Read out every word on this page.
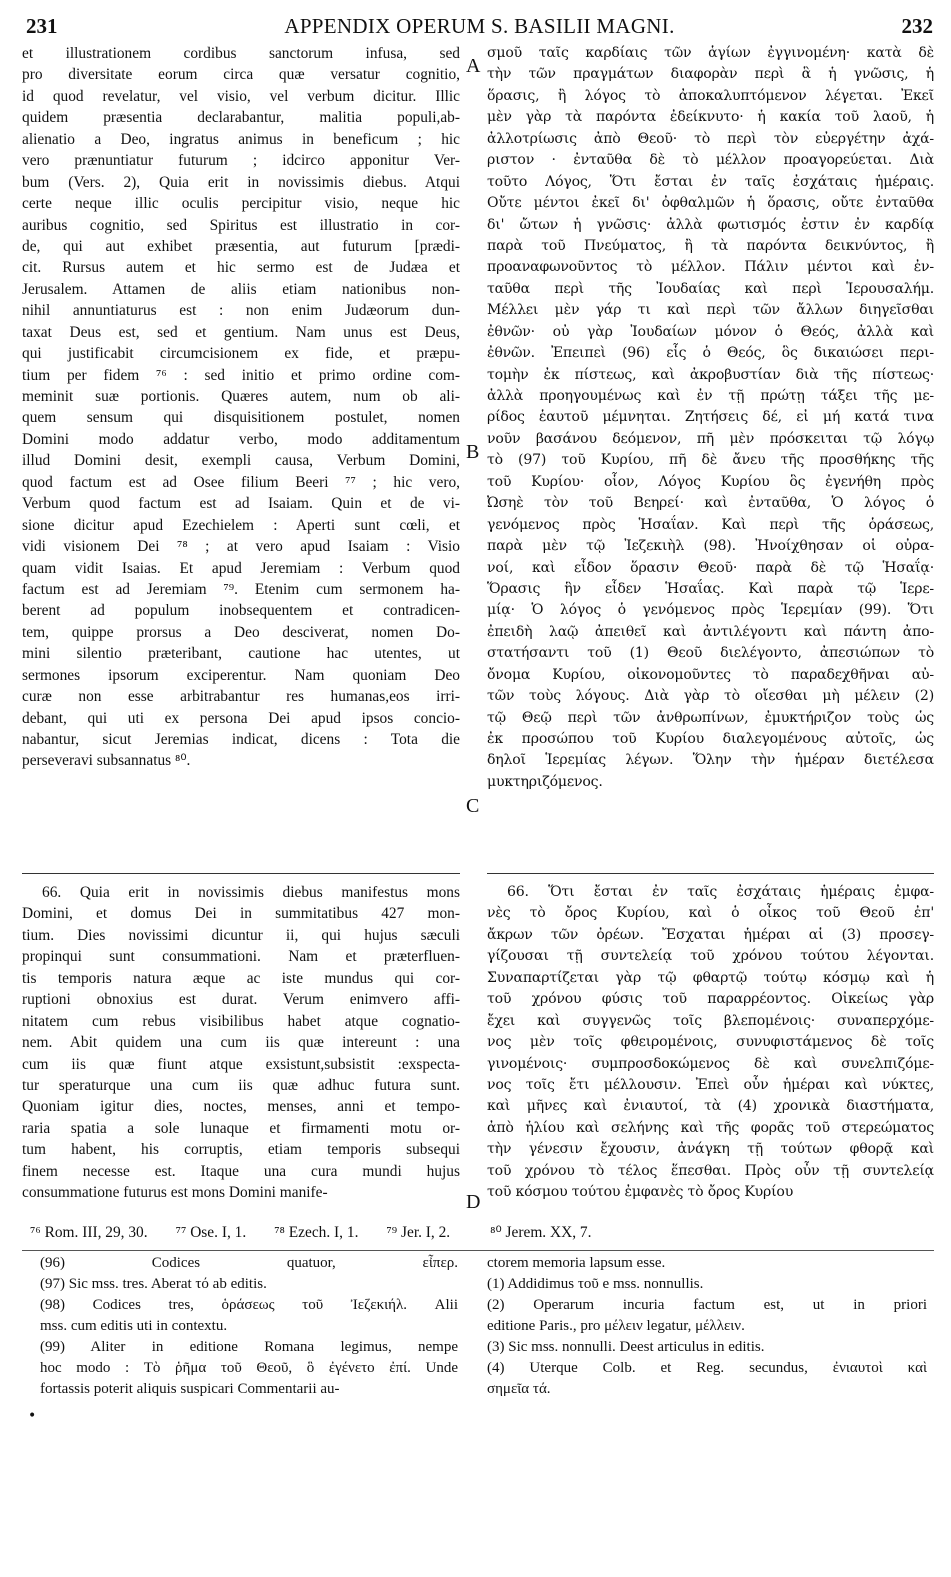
231	APPENDIX OPERUM S. BASILII MAGNI.	232
A
B
C
D
et illustrationem cordibus sanctorum infusa, sed
pro diversitate eorum circa quæ versatur cognitio,
id quod revelatur, vel visio, vel verbum dicitur. Illic
quidem præsentia declarabantur, malitia populi,ab-
alienatio a Deo, ingratus animus in beneficum ; hic
vero prænuntiatur futurum ; idcirco apponitur Ver-
bum (Vers. 2), Quia erit in novissimis diebus. Atqui
certe neque illic oculis percipitur visio, neque hic
auribus cognitio, sed Spiritus est illustratio in cor-
de, qui aut exhibet præsentia, aut futurum [prædi-
cit. Rursus autem et hic sermo est de Judæa et
Jerusalem. Attamen de aliis etiam nationibus non-
nihil annuntiaturus est : non enim Judæorum dun-
taxat Deus est, sed et gentium. Nam unus est Deus,
qui justificabit circumcisionem ex fide, et præpu-
tium per fidem ⁷⁶ : sed initio et primo ordine com-
meminit suæ portionis. Quæres autem, num ob ali-
quem sensum qui disquisitionem postulet, nomen
Domini modo addatur verbo, modo additamentum
illud Domini desit, exempli causa, Verbum Domini,
quod factum est ad Osee filium Beeri ⁷⁷ ; hic vero,
Verbum quod factum est ad Isaiam. Quin et de vi-
sione dicitur apud Ezechielem : Aperti sunt cœli, et
vidi visionem Dei ⁷⁸ ; at vero apud Isaiam : Visio
quam vidit Isaias. Et apud Jeremiam : Verbum quod
factum est ad Jeremiam ⁷⁹. Etenim cum sermonem ha-
berent ad populum inobsequentem et contradicen-
tem, quippe prorsus a Deo desciverat, nomen Do-
mini silentio præteribant, cautione hac utentes, ut
sermones ipsorum exciperentur. Nam quoniam Deo
curæ non esse arbitrabantur res humanas,eos irri-
debant, qui uti ex persona Dei apud ipsos concio-
nabantur, sicut Jeremias indicat, dicens : Tota die
perseveravi subsannatus ⁸⁰.
66. Quia erit in novissimis diebus manifestus mons
Domini, et domus Dei in summitatibus 427 mon-
tium. Dies novissimi dicuntur ii, qui hujus sæculi
propinqui sunt consummationi. Nam et præterfluen-
tis temporis natura æque ac iste mundus qui cor-
ruptioni obnoxius est durat. Verum enimvero affi-
nitatem cum rebus visibilibus habet atque cognatio-
nem. Abit quidem una cum iis quæ intereunt : una
cum iis quæ fiunt atque exsistunt,subsistit :exspecta-
tur speraturque una cum iis quæ adhuc futura sunt.
Quoniam igitur dies, noctes, menses, anni et tempo-
raria spatia a sole lunaque et firmamenti motu or-
tum habent, his corruptis, etiam temporis subsequi
finem necesse est. Itaque una cura mundi hujus
consummatione futurus est mons Domini manife-
σμοῦ ταῖς καρδίαις τῶν ἁγίων ἐγγινομένη· κατὰ δὲ
τὴν τῶν πραγμάτων διαφορὰν περὶ ἃ ἡ γνῶσις, ἡ
ὅρασις, ἢ λόγος τὸ ἀποκαλυπτόμενον λέγεται. Ἐκεῖ
μὲν γὰρ τὰ παρόντα ἐδείκνυτο· ἡ κακία τοῦ λαοῦ, ἡ
ἀλλοτρίωσις ἀπὸ Θεοῦ· τὸ περὶ τὸν εὐεργέτην ἀχά-
ριστον · ἐνταῦθα δὲ τὸ μέλλον προαγορεύεται. Διὰ
τοῦτο Λόγος, Ὅτι ἔσται ἐν ταῖς ἐσχάταις ἡμέραις.
Οὔτε μέντοι ἐκεῖ δι' ὀφθαλμῶν ἡ ὅρασις, οὔτε ἐνταῦθα
δι' ὤτων ἡ γνῶσις· ἀλλὰ φωτισμός ἐστιν ἐν καρδίᾳ
παρὰ τοῦ Πνεύματος, ἢ τὰ παρόντα δεικνύντος, ἢ
προαναφωνοῦντος τὸ μέλλον. Πάλιν μέντοι καὶ ἐν-
ταῦθα περὶ τῆς Ἰουδαίας καὶ περὶ Ἱερουσαλήμ.
Μέλλει μὲν γάρ τι καὶ περὶ τῶν ἄλλων διηγεῖσθαι
ἐθνῶν· οὐ γὰρ Ἰουδαίων μόνον ὁ Θεός, ἀλλὰ καὶ
ἐθνῶν. Ἐπειπεὶ (96) εἷς ὁ Θεός, ὃς δικαιώσει περι-
τομὴν ἐκ πίστεως, καὶ ἀκροβυστίαν διὰ τῆς πίστεως·
ἀλλὰ προηγουμένως καὶ ἐν τῇ πρώτῃ τάξει τῆς με-
ρίδος ἑαυτοῦ μέμνηται. Ζητήσεις δέ, εἰ μή κατά τινα
νοῦν βασάνου δεόμενον, πῆ μὲν πρόσκειται τῷ λόγῳ
τὸ (97) τοῦ Κυρίου, πῆ δὲ ἄνευ τῆς προσθήκης τῆς
τοῦ Κυρίου· οἷον, Λόγος Κυρίου ὃς ἐγενήθη πρὸς
Ὠσηὲ τὸν τοῦ Βεηρεί· καὶ ἐνταῦθα, Ὁ λόγος ὁ
γενόμενος πρὸς Ἡσαΐαν. Καὶ περὶ τῆς ὁράσεως,
παρὰ μὲν τῷ Ἰεζεκιὴλ (98). Ἠνοίχθησαν οἱ οὐρα-
νοί, καὶ εἶδον ὅρασιν Θεοῦ· παρὰ δὲ τῷ Ἡσαΐᾳ·
Ὅρασις ἣν εἶδεν Ἡσαΐας. Καὶ παρὰ τῷ Ἱερε-
μίᾳ· Ὁ λόγος ὁ γενόμενος πρὸς Ἱερεμίαν (99). Ὅτι
ἐπειδὴ λαῷ ἀπειθεῖ καὶ ἀντιλέγοντι καὶ πάντη ἀπο-
στατήσαντι τοῦ (1) Θεοῦ διελέγοντο, ἀπεσιώπων τὸ
ὄνομα Κυρίου, οἰκονομοῦντες τὸ παραδεχθῆναι αὐ-
τῶν τοὺς λόγους. Διὰ γὰρ τὸ οἴεσθαι μὴ μέλειν (2)
τῷ Θεῷ περὶ τῶν ἀνθρωπίνων, ἐμυκτήριζον τοὺς ὡς
ἐκ προσώπου τοῦ Κυρίου διαλεγομένους αὐτοῖς, ὡς
δηλοῖ Ἱερεμίας λέγων. Ὅλην τὴν ἡμέραν διετέλεσα
μυκτηριζόμενος.
66. Ὅτι ἔσται ἐν ταῖς ἐσχάταις ἡμέραις ἐμφα-
νὲς τὸ ὄρος Κυρίου, καὶ ὁ οἶκος τοῦ Θεοῦ ἐπ'
ἄκρων τῶν ὀρέων. Ἔσχαται ἡμέραι αἱ (3) προσεγ-
γίζουσαι τῇ συντελείᾳ τοῦ χρόνου τούτου λέγονται.
Συναπαρτίζεται γὰρ τῷ φθαρτῷ τούτῳ κόσμῳ καὶ ἡ
τοῦ χρόνου φύσις τοῦ παραρρέοντος. Οἰκείως γὰρ
ἔχει καὶ συγγενῶς τοῖς βλεπομένοις· συναπερχόμε-
νος μὲν τοῖς φθειρομένοις, συνυφιστάμενος δὲ τοῖς
γινομένοις· συμπροσδοκώμενος δὲ καὶ συνελπιζόμε-
νος τοῖς ἔτι μέλλουσιν. Ἐπεὶ οὖν ἡμέραι καὶ νύκτες,
καὶ μῆνες καὶ ἐνιαυτοί, τὰ (4) χρονικὰ διαστήματα,
ἀπὸ ἡλίου καὶ σελήνης καὶ τῆς φορᾶς τοῦ στερεώματος
τὴν γένεσιν ἔχουσιν, ἀνάγκη τῇ τούτων φθορᾷ καὶ
τοῦ χρόνου τὸ τέλος ἕπεσθαι. Πρὸς οὖν τῇ συντελείᾳ
τοῦ κόσμου τούτου ἐμφανὲς τὸ ὄρος Κυρίου
⁷⁶ Rom. III, 29, 30. ⁷⁷ Ose. I, 1. ⁷⁸ Ezech. I, 1. ⁷⁹ Jer. I, 2.	⁸⁰ Jerem. XX, 7.
(96) Codices quatuor, εἶπερ.
(97) Sic mss. tres. Aberat τό ab editis.
(98) Codices tres, ὁράσεως τοῦ Ἰεζεκιήλ. Alii
mss. cum editis uti in contextu.
(99) Aliter in editione Romana legimus, nempe
hoc modo : Τὸ ῥῆμα τοῦ Θεοῦ, ὃ ἐγένετο ἐπί. Unde
fortassis poterit aliquis suspicari Commentarii au-
ctorem memoria lapsum esse.
(1) Addidimus τοῦ e mss. nonnullis.
(2) Operarum incuria factum est, ut in priori
editione Paris., pro μέλειν legatur, μέλλειν.
(3) Sic mss. nonnulli. Deest articulus in editis.
(4) Uterque Colb. et Reg. secundus, ἐνιαυτοὶ καὶ
σημεῖα τά.
•
